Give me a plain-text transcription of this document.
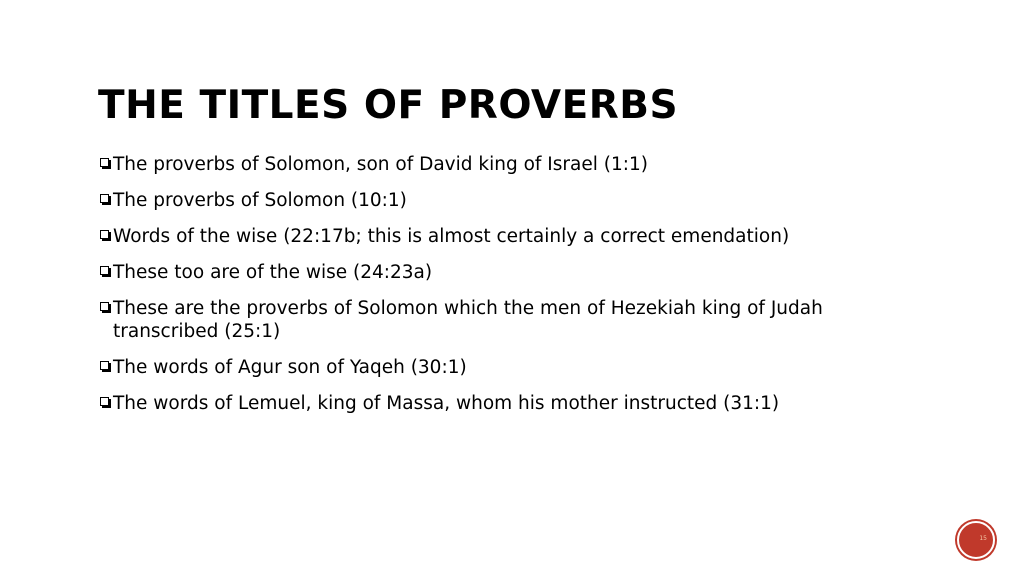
THE TITLES OF PROVERBS
The proverbs of Solomon, son of David king of Israel (1:1)
The proverbs of Solomon (10:1)
Words of the wise (22:17b; this is almost certainly a correct emendation)
These too are of the wise (24:23a)
These are the proverbs of Solomon which the men of Hezekiah king of Judah transcribed (25:1)
The words of Agur son of Yaqeh (30:1)
The words of Lemuel, king of Massa, whom his mother instructed (31:1)
15
